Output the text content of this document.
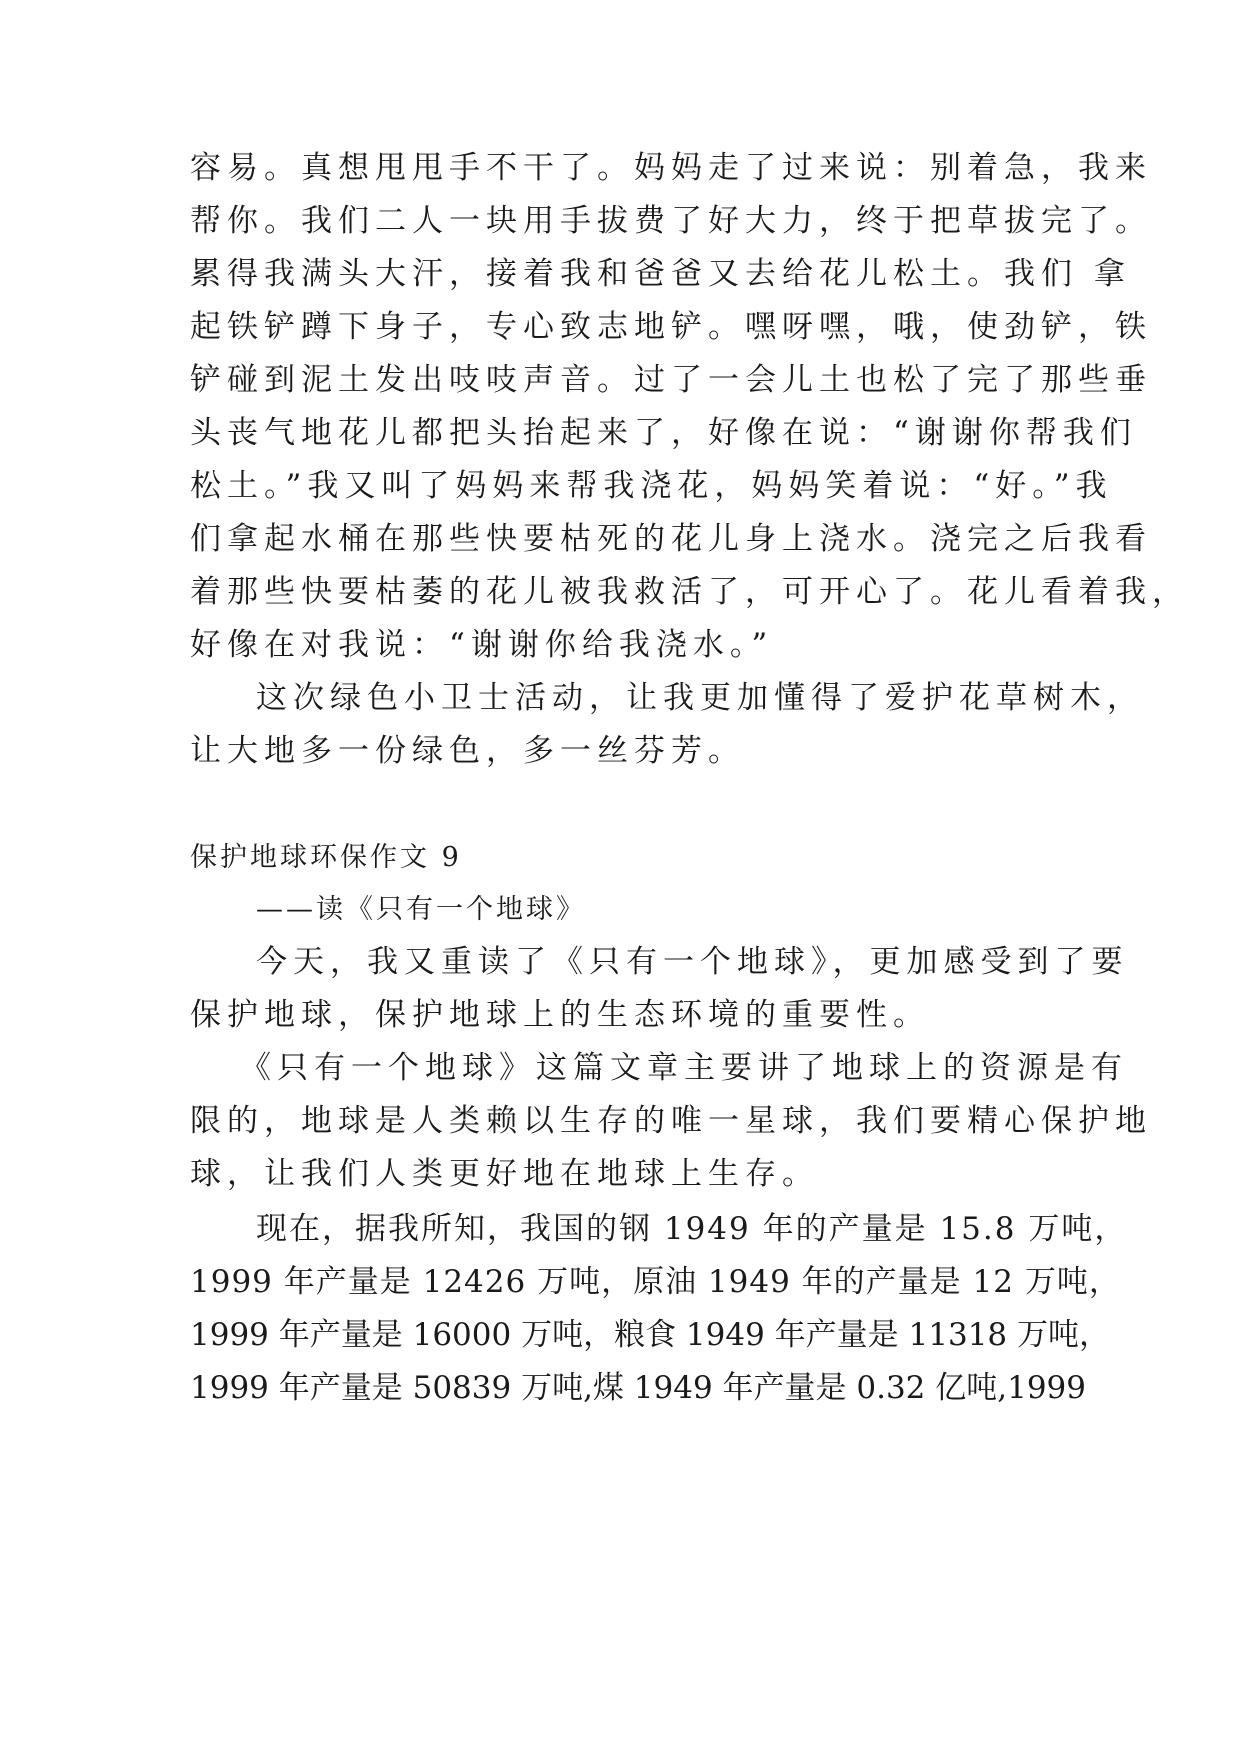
容易。真想甩甩手不干了。妈妈走了过来说：别着急，我来
帮你。我们二人一块用手拔费了好大力，终于把草拔完了。
累得我满头大汗，接着我和爸爸又去给花儿松土。我们 拿
起铁铲蹲下身子，专心致志地铲。嘿呀嘿，哦，使劲铲，铁
铲碰到泥土发出吱吱声音。过了一会儿土也松了完了那些垂
头丧气地花儿都把头抬起来了，好像在说：“谢谢你帮我们
松土。”我又叫了妈妈来帮我浇花，妈妈笑着说：“好。”我
们拿起水桶在那些快要枯死的花儿身上浇水。浇完之后我看
着那些快要枯萎的花儿被我救活了，可开心了。花儿看着我，
好像在对我说：“谢谢你给我浇水。”
这次绿色小卫士活动，让我更加懂得了爱护花草树木，
让大地多一份绿色，多一丝芬芳。
保护地球环保作文 9
——读《只有一个地球》
今天，我又重读了《只有一个地球》，更加感受到了要
保护地球，保护地球上的生态环境的重要性。
《只有一个地球》这篇文章主要讲了地球上的资源是有
限的，地球是人类赖以生存的唯一星球，我们要精心保护地
球，让我们人类更好地在地球上生存。
现在，据我所知，我国的钢 1949 年的产量是 15.8 万吨，
1999 年产量是 12426 万吨，原油 1949 年的产量是 12 万吨，
1999 年产量是 16000 万吨，粮食 1949 年产量是 11318 万吨，
1999 年产量是 50839 万吨,煤 1949 年产量是 0.32 亿吨,1999
